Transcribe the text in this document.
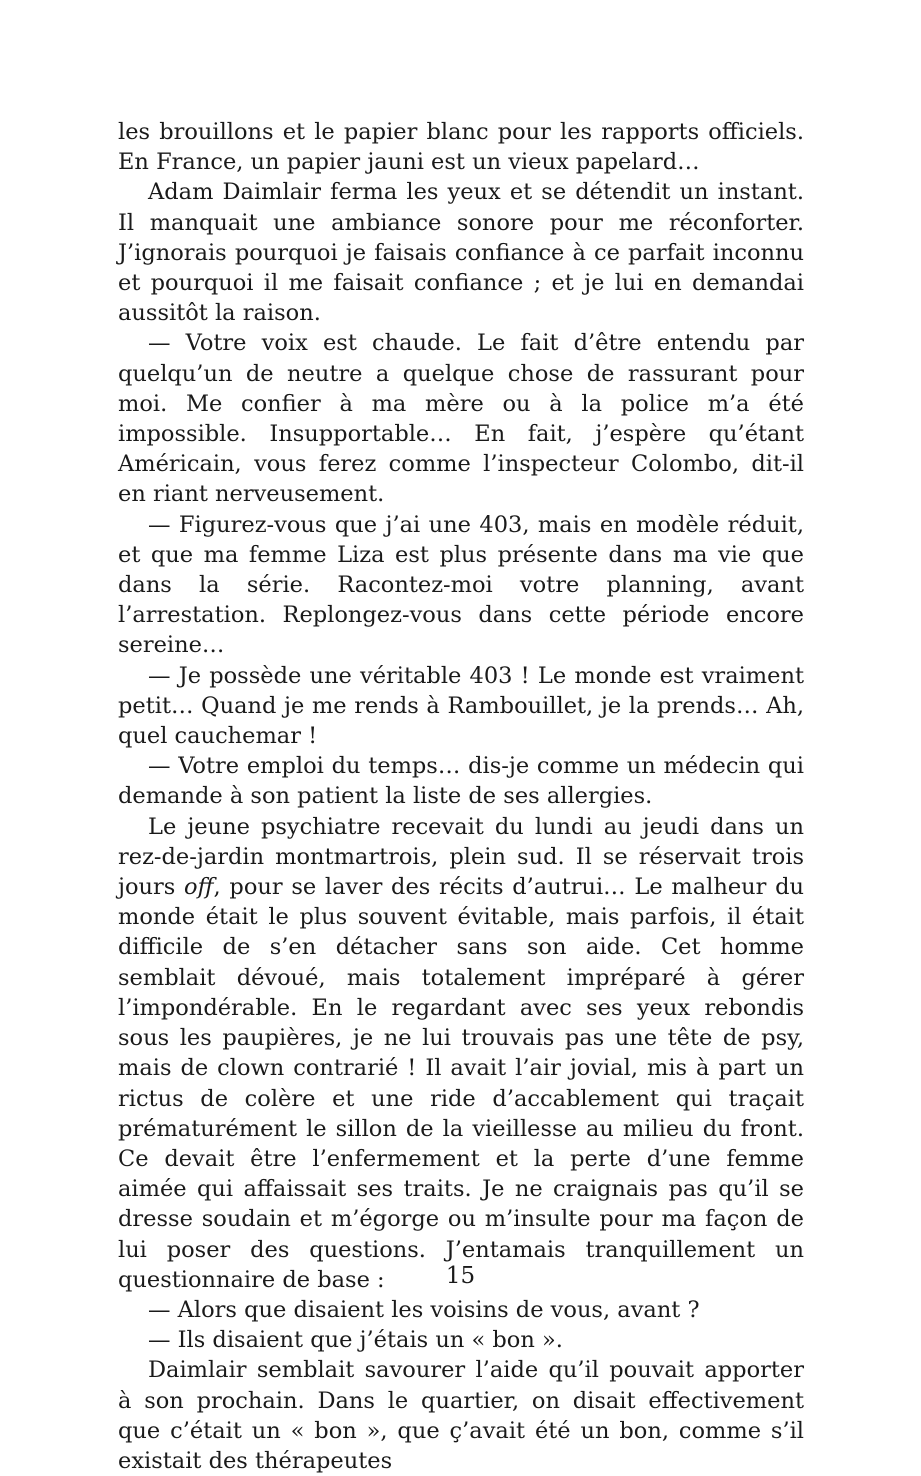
les brouillons et le papier blanc pour les rapports officiels. En France, un papier jauni est un vieux papelard…

Adam Daimlair ferma les yeux et se détendit un instant. Il manquait une ambiance sonore pour me réconforter. J’ignorais pourquoi je faisais confiance à ce parfait inconnu et pourquoi il me faisait confiance ; et je lui en demandai aussitôt la raison.

— Votre voix est chaude. Le fait d’être entendu par quelqu’un de neutre a quelque chose de rassurant pour moi. Me confier à ma mère ou à la police m’a été impossible. Insupportable… En fait, j’espère qu’étant Américain, vous ferez comme l’inspecteur Colombo, dit-il en riant nerveusement.

— Figurez-vous que j’ai une 403, mais en modèle réduit, et que ma femme Liza est plus présente dans ma vie que dans la série. Racontez-moi votre planning, avant l’arrestation. Replongez-vous dans cette période encore sereine…

— Je possède une véritable 403 ! Le monde est vraiment petit… Quand je me rends à Rambouillet, je la prends… Ah, quel cauchemar !

— Votre emploi du temps… dis-je comme un médecin qui demande à son patient la liste de ses allergies.

Le jeune psychiatre recevait du lundi au jeudi dans un rez-de-jardin montmartrois, plein sud. Il se réservait trois jours off, pour se laver des récits d’autrui… Le malheur du monde était le plus souvent évitable, mais parfois, il était difficile de s’en détacher sans son aide. Cet homme semblait dévoué, mais totalement impréparé à gérer l’impondérable. En le regardant avec ses yeux rebondis sous les paupières, je ne lui trouvais pas une tête de psy, mais de clown contrarié ! Il avait l’air jovial, mis à part un rictus de colère et une ride d’accablement qui traçait prématurément le sillon de la vieillesse au milieu du front. Ce devait être l’enfermement et la perte d’une femme aimée qui affaissait ses traits. Je ne craignais pas qu’il se dresse soudain et m’égorge ou m’insulte pour ma façon de lui poser des questions. J’entamais tranquillement un questionnaire de base :

— Alors que disaient les voisins de vous, avant ?

— Ils disaient que j’étais un « bon ».

Daimlair semblait savourer l’aide qu’il pouvait apporter à son prochain. Dans le quartier, on disait effectivement que c’était un « bon », que ç’avait été un bon, comme s’il existait des thérapeutes

15
